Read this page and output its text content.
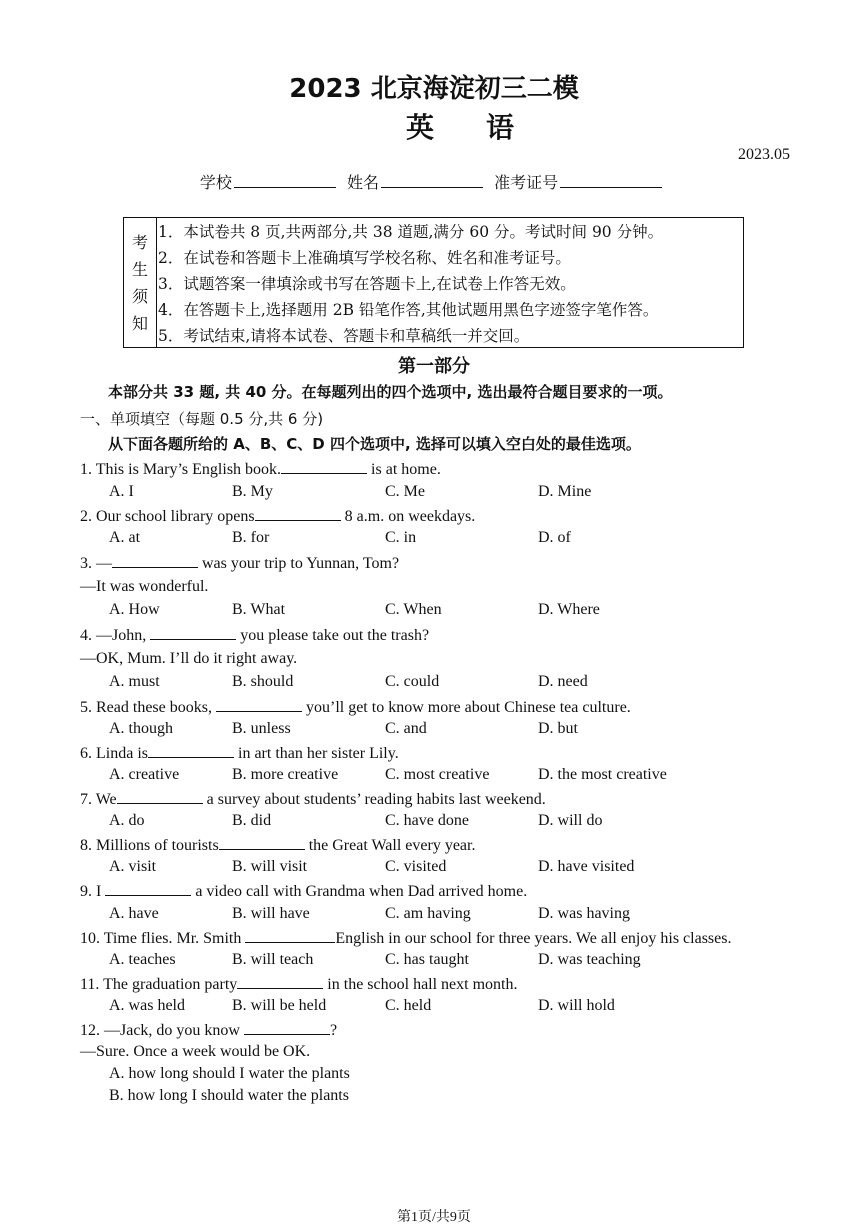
2023 北京海淀初三二模
英语
2023.05
学校	姓名	准考证号
考
生
须
知
1．本试卷共 8 页,共两部分,共 38 道题,满分 60 分。考试时间 90 分钟。
2．在试卷和答题卡上准确填写学校名称、姓名和准考证号。
3．试题答案一律填涂或书写在答题卡上,在试卷上作答无效。
4．在答题卡上,选择题用 2B 铅笔作答,其他试题用黑色字迹签字笔作答。
5．考试结束,请将本试卷、答题卡和草稿纸一并交回。
第一部分
本部分共 33 题, 共 40 分。在每题列出的四个选项中, 选出最符合题目要求的一项。
一、单项填空（每题 0.5 分,共 6 分)
从下面各题所给的 A、B、C、D 四个选项中, 选择可以填入空白处的最佳选项。
1. This is Mary’s English book.	is at home.
A. I	B. My	C. Me	D. Mine
2. Our school library opens	8 a.m. on weekdays.
A. at	B. for	C. in	D. of
3. —	was your trip to Yunnan, Tom?
—It was wonderful.
A. How	B. What	C. When	D. Where
4. —John,	you please take out the trash?
—OK, Mum. I’ll do it right away.
A. must	B. should	C. could	D. need
5. Read these books,	you’ll get to know more about Chinese tea culture.
A. though	B. unless	C. and	D. but
6. Linda is	in art than her sister Lily.
A. creative	B. more creative	C. most creative	D. the most creative
7. We	a survey about students’ reading habits last weekend.
A. do	B. did	C. have done	D. will do
8. Millions of tourists	the Great Wall every year.
A. visit	B. will visit	C. visited	D. have visited
9. I	a video call with Grandma when Dad arrived home.
A. have	B. will have	C. am having	D. was having
10. Time flies. Mr. Smith	English in our school for three years. We all enjoy his classes.
A. teaches	B. will teach	C. has taught	D. was teaching
11. The graduation party	in the school hall next month.
A. was held	B. will be held	C. held	D. will hold
12. —Jack, do you know	?
—Sure. Once a week would be OK.
A. how long should I water the plants
B. how long I should water the plants
第1页/共9页
